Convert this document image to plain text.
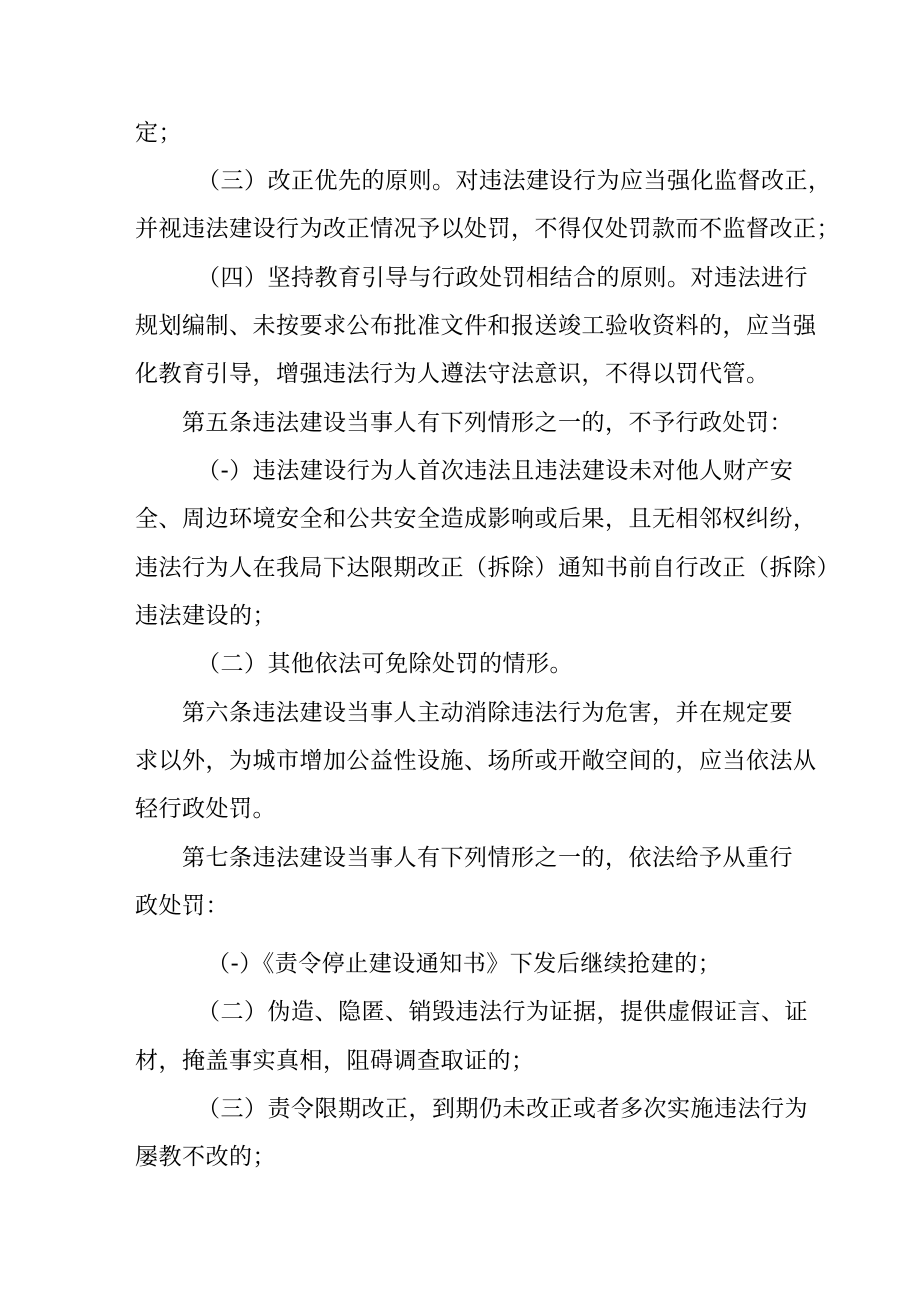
定；
（三）改正优先的原则。对违法建设行为应当强化监督改正，
并视违法建设行为改正情况予以处罚，不得仅处罚款而不监督改正；
（四）坚持教育引导与行政处罚相结合的原则。对违法进行
规划编制、未按要求公布批准文件和报送竣工验收资料的，应当强
化教育引导，增强违法行为人遵法守法意识，不得以罚代管。
第五条违法建设当事人有下列情形之一的，不予行政处罚：
（-）违法建设行为人首次违法且违法建设未对他人财产安
全、周边环境安全和公共安全造成影响或后果，且无相邻权纠纷，
违法行为人在我局下达限期改正（拆除）通知书前自行改正（拆除）
违法建设的；
（二）其他依法可免除处罚的情形。
第六条违法建设当事人主动消除违法行为危害，并在规定要
求以外，为城市增加公益性设施、场所或开敞空间的，应当依法从
轻行政处罚。
第七条违法建设当事人有下列情形之一的，依法给予从重行
政处罚：
（-）《责令停止建设通知书》下发后继续抢建的；
（二）伪造、隐匿、销毁违法行为证据，提供虚假证言、证
材，掩盖事实真相，阻碍调查取证的；
（三）责令限期改正，到期仍未改正或者多次实施违法行为
屡教不改的；
